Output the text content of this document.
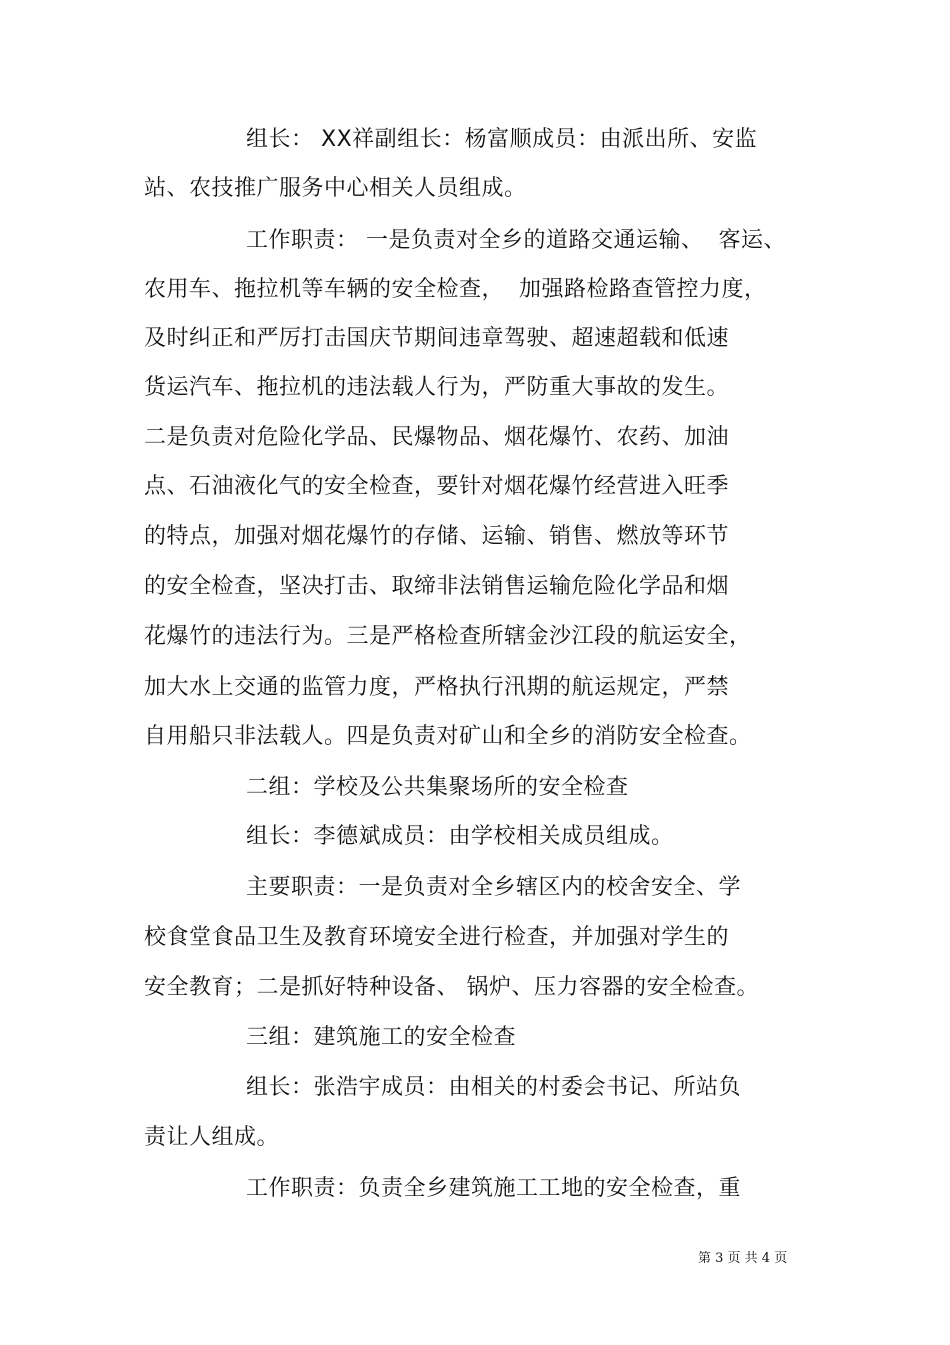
组长： XX祥副组长：杨富顺成员：由派出所、安监
站、农技推广服务中心相关人员组成。
工作职责： 一是负责对全乡的道路交通运输、  客运、
农用车、拖拉机等车辆的安全检查，  加强路检路查管控力度，
及时纠正和严厉打击国庆节期间违章驾驶、超速超载和低速
货运汽车、拖拉机的违法载人行为，严防重大事故的发生。
二是负责对危险化学品、民爆物品、烟花爆竹、农药、加油
点、石油液化气的安全检查，要针对烟花爆竹经营进入旺季
的特点，加强对烟花爆竹的存储、运输、销售、燃放等环节
的安全检查，坚决打击、取缔非法销售运输危险化学品和烟
花爆竹的违法行为。三是严格检查所辖金沙江段的航运安全，
加大水上交通的监管力度，严格执行汛期的航运规定，严禁
自用船只非法载人。四是负责对矿山和全乡的消防安全检查。
二组：学校及公共集聚场所的安全检查
组长：李德斌成员：由学校相关成员组成。
主要职责：一是负责对全乡辖区内的校舍安全、学
校食堂食品卫生及教育环境安全进行检查，并加强对学生的
安全教育；二是抓好特种设备、 锅炉、压力容器的安全检查。
三组：建筑施工的安全检查
组长：张浩宇成员：由相关的村委会书记、所站负
责让人组成。
工作职责：负责全乡建筑施工工地的安全检查，重
第 3 页 共 4 页
